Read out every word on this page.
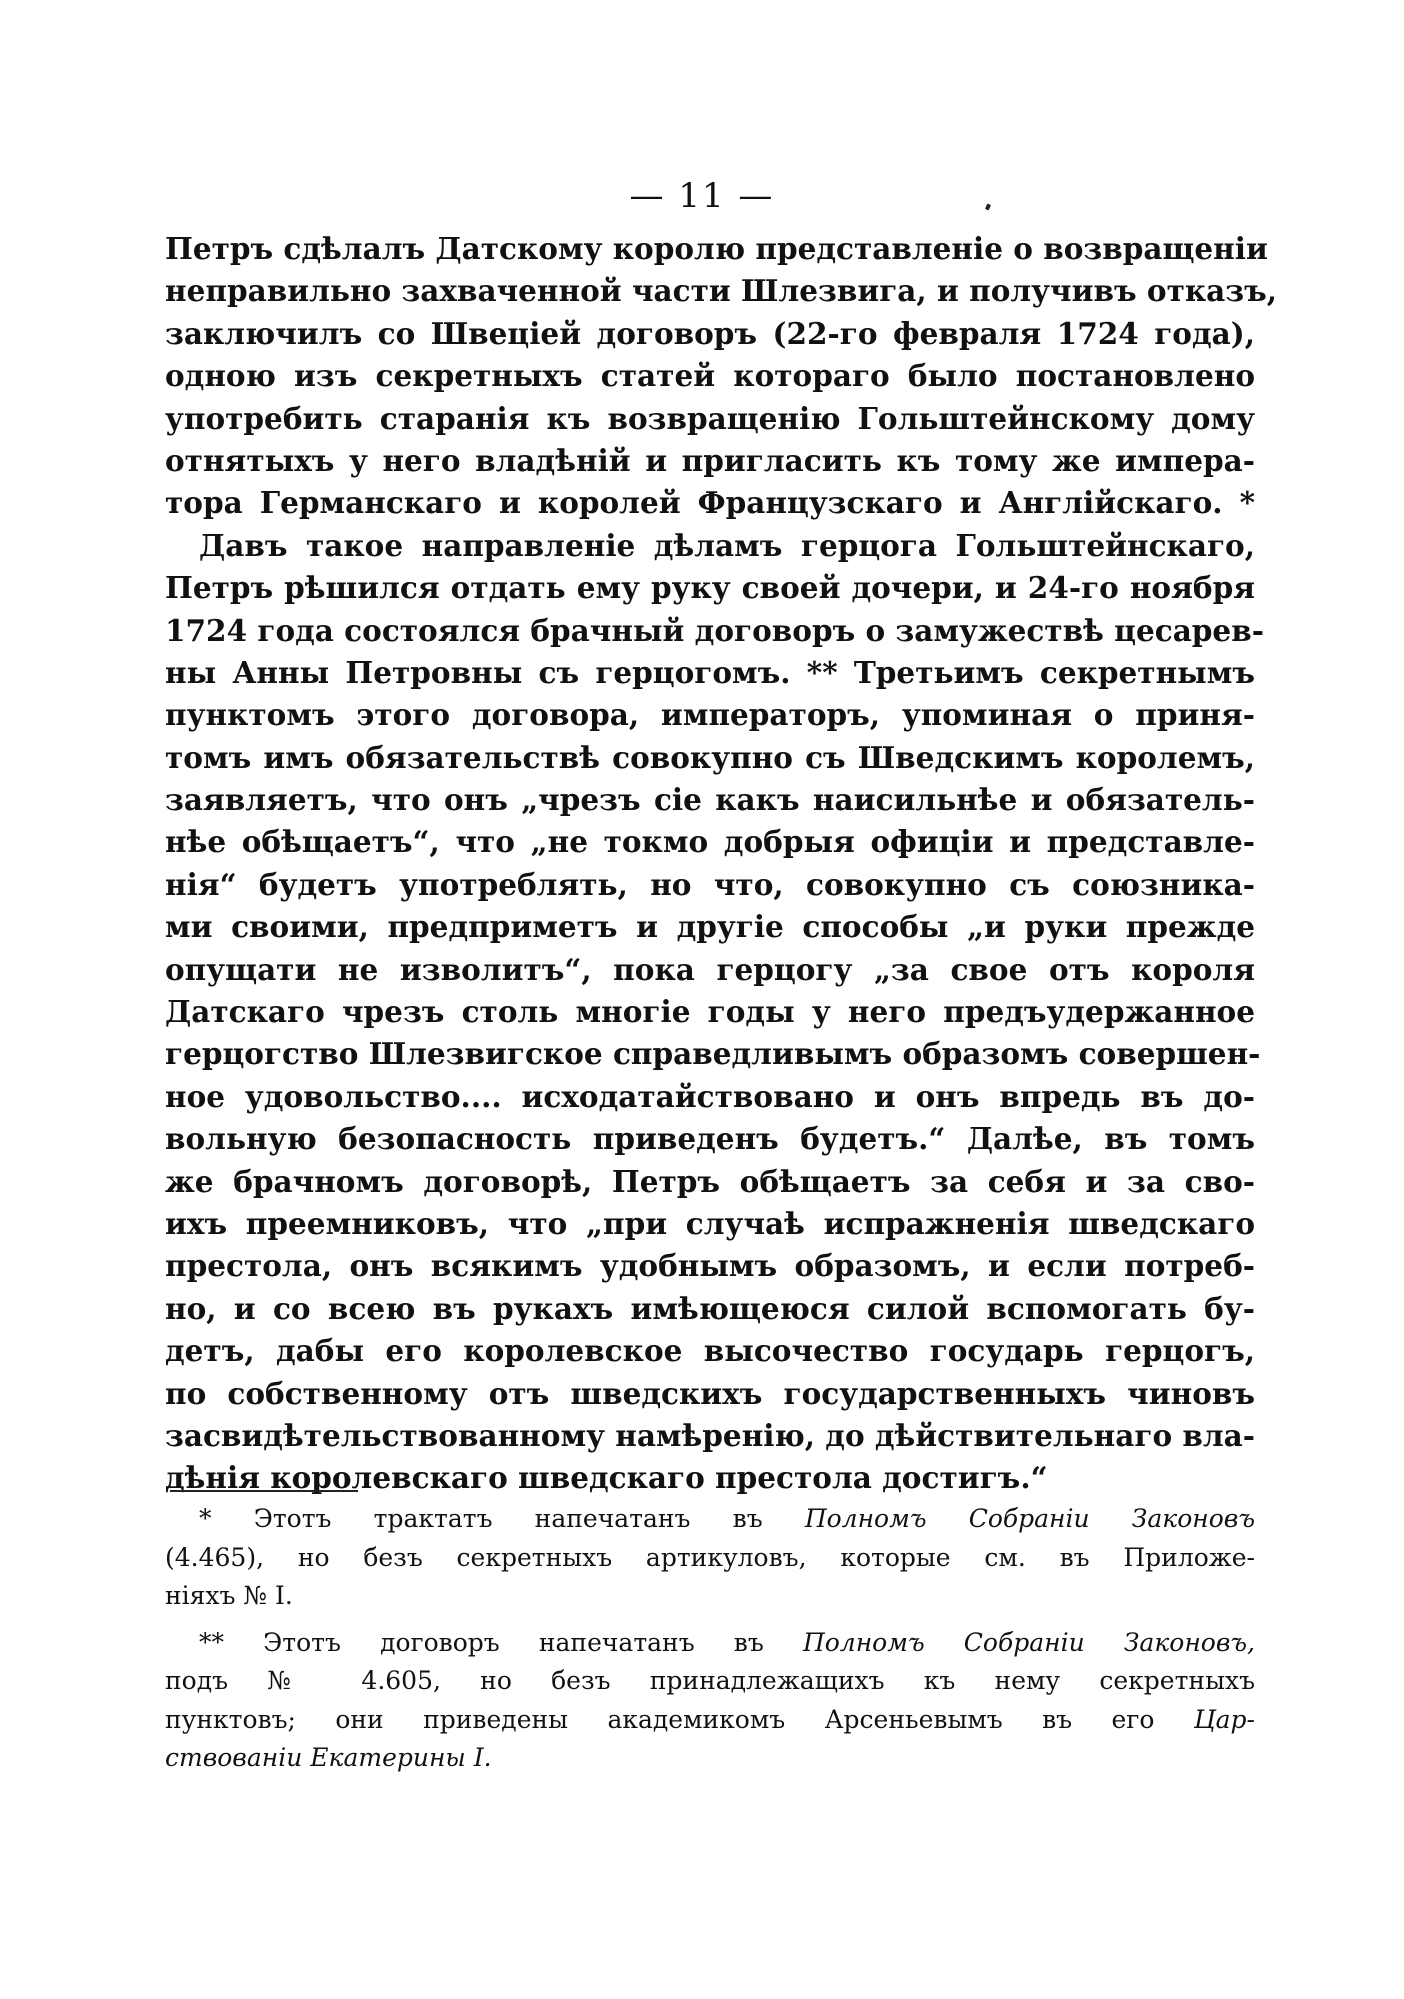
— 11 —
Петръ сдѣлалъ Датскому королю представленіе о возвращеніи
неправильно захваченной части Шлезвига, и получивъ отказъ,
заключилъ со Швеціей договоръ (22-го февраля 1724 года),
одною изъ секретныхъ статей котораго было постановлено
употребить старанія къ возвращенію Гольштейнскому дому
отнятыхъ у него владѣній и пригласить къ тому же импера-
тора Германскаго и королей Французскаго и Англійскаго. *
Давъ такое направленіе дѣламъ герцога Гольштейнскаго,
Петръ рѣшился отдать ему руку своей дочери, и 24-го ноября
1724 года состоялся брачный договоръ о замужествѣ цесарев-
ны Анны Петровны съ герцогомъ. ** Третьимъ секретнымъ
пунктомъ этого договора, императоръ, упоминая о приня-
томъ имъ обязательствѣ совокупно съ Шведскимъ королемъ,
заявляетъ, что онъ „чрезъ сіе какъ наисильнѣе и обязатель-
нѣе обѣщаетъ“, что „не токмо добрыя офиціи и представле-
нія“ будетъ употреблять, но что, совокупно съ союзника-
ми своими, предприметъ и другіе способы „и руки прежде
опущати не изволитъ“, пока герцогу „за свое отъ короля
Датскаго чрезъ столь многіе годы у него предъудержанное
герцогство Шлезвигское справедливымъ образомъ совершен-
ное удовольство.... исходатайствовано и онъ впредь въ до-
вольную безопасность приведенъ будетъ.“ Далѣе, въ томъ
же брачномъ договорѣ, Петръ обѣщаетъ за себя и за сво-
ихъ преемниковъ, что „при случаѣ испражненія шведскаго
престола, онъ всякимъ удобнымъ образомъ, и если потреб-
но, и со всею въ рукахъ имѣющеюся силой вспомогать бу-
детъ, дабы его королевское высочество государь герцогъ,
по собственному отъ шведскихъ государственныхъ чиновъ
засвидѣтельствованному намѣренію, до дѣйствительнаго вла-
дѣнія королевскаго шведскаго престола достигъ.“
* Этотъ трактатъ напечатанъ въ Полномъ Собраніи Законовъ
(4.465), но безъ секретныхъ артикуловъ, которые см. въ Приложе-
ніяхъ № I.
** Этотъ договоръ напечатанъ въ Полномъ Собраніи Законовъ,
подъ № 4.605, но безъ принадлежащихъ къ нему секретныхъ
пунктовъ; они приведены академикомъ Арсеньевымъ въ его Цар-
ствованіи Екатерины I.
